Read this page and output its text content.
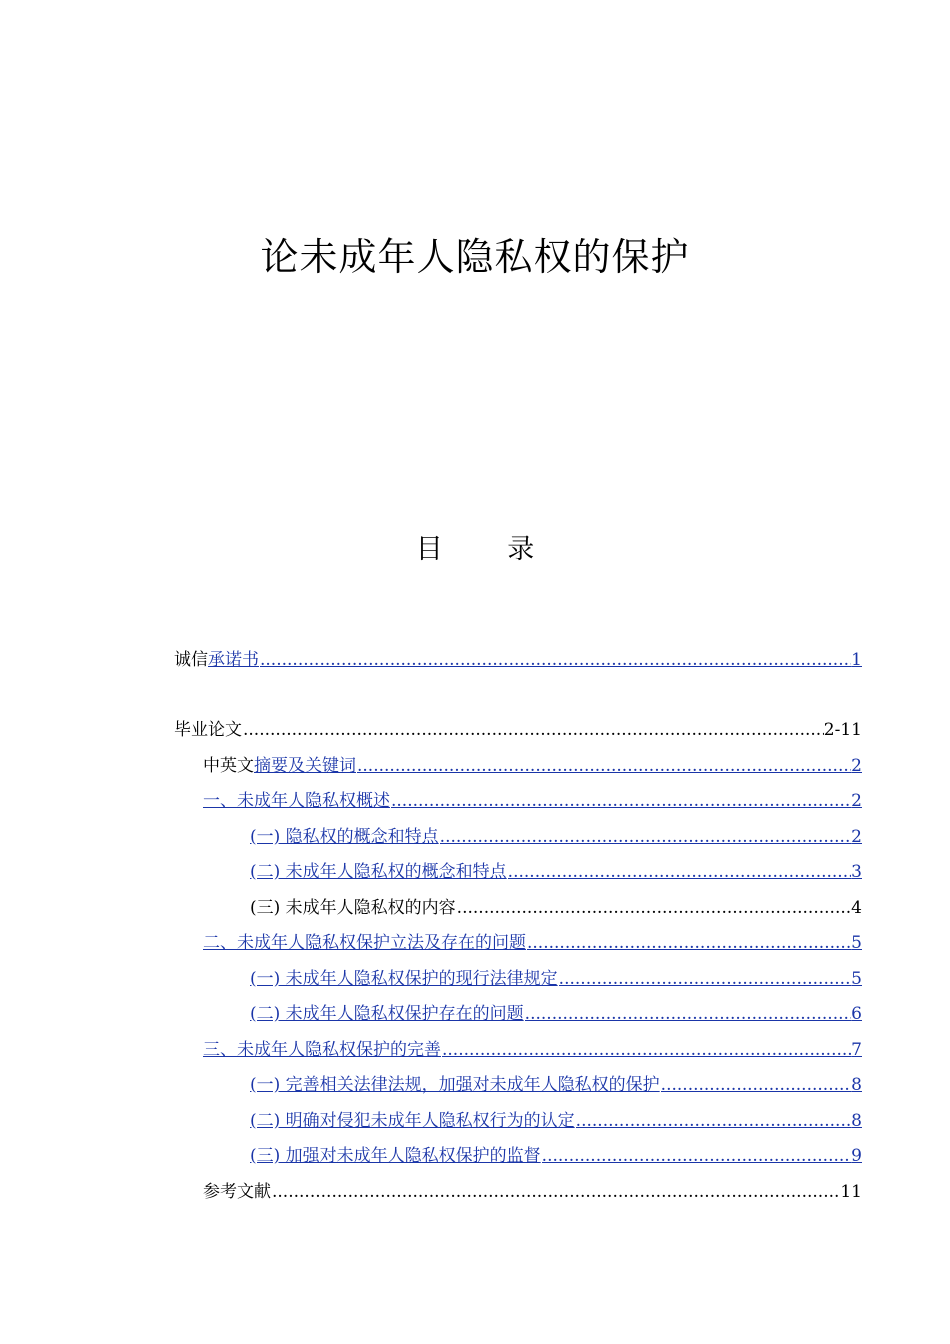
论未成年人隐私权的保护
目 录
诚信 承诺书 .....	1
毕业论文 .....	2-11
中英文 摘要及关键词 .....	2
一、未成年人隐私权概述 .....	2
(一) 隐私权的概念和特点 .....	2
(二) 未成年人隐私权的概念和特点 .....	3
(三) 未成年人隐私权的内容 .....	4
二、未成年人隐私权保护立法及存在的问题 .....	5
(一) 未成年人隐私权保护的现行法律规定 .....	5
(二) 未成年人隐私权保护存在的问题 .....	6
三、未成年人隐私权保护的完善 .....	7
(一) 完善相关法律法规，加强对未成年人隐私权的保护 .....	8
(二) 明确对侵犯未成年人隐私权行为的认定 .....	8
(三) 加强对未成年人隐私权保护的监督 .....	9
参考文献 .....	11
